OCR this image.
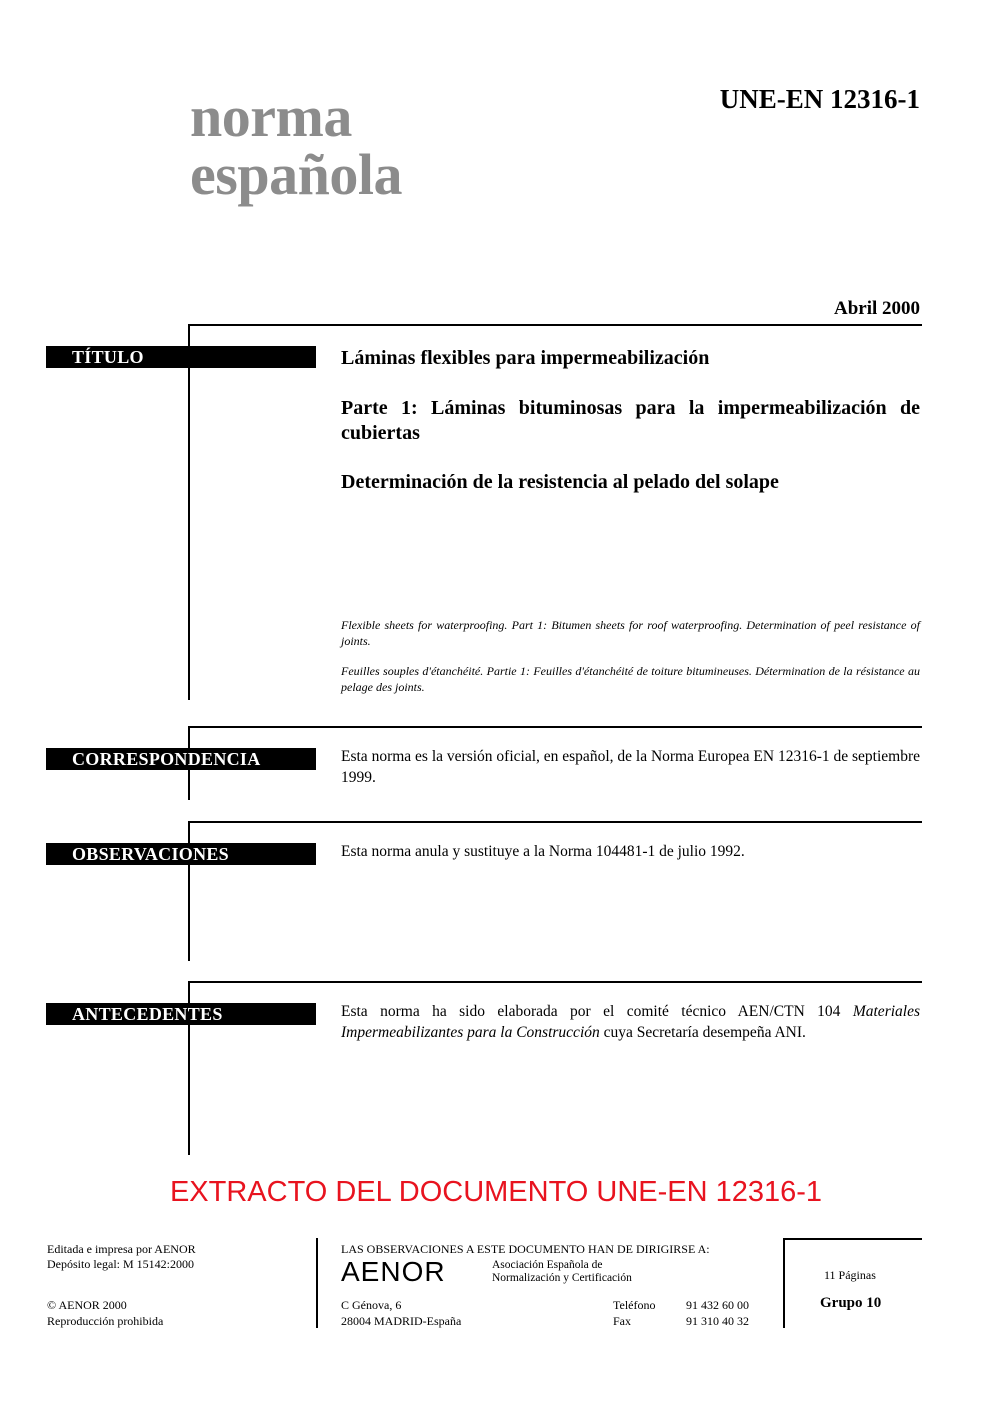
norma
española
UNE-EN 12316-1
Abril 2000
TÍTULO	Láminas flexibles para impermeabilización
Parte 1: Láminas bituminosas para la impermeabilización de cubiertas
Determinación de la resistencia al pelado del solape
Flexible sheets for waterproofing. Part 1: Bitumen sheets for roof waterproofing. Determination of peel resistance of joints.
Feuilles souples d'étanchéité. Partie 1: Feuilles d'étanchéité de toiture bitumineuses. Détermination de la résistance au pelage des joints.
CORRESPONDENCIA	Esta norma es la versión oficial, en español, de la Norma Europea EN 12316-1 de septiembre 1999.
OBSERVACIONES	Esta norma anula y sustituye a la Norma 104481-1 de julio 1992.
ANTECEDENTES	Esta norma ha sido elaborada por el comité técnico AEN/CTN 104 Materiales Impermeabilizantes para la Construcción cuya Secretaría desempeña ANI.
EXTRACTO DEL DOCUMENTO UNE-EN 12316-1
Editada e impresa por AENOR
Depósito legal: M 15142:2000
© AENOR 2000
Reproducción prohibida
LAS OBSERVACIONES A ESTE DOCUMENTO HAN DE DIRIGIRSE A:
AENOR	Asociación Española de
Normalización y Certificación
C Génova, 6
28004 MADRID-España
Teléfono	91 432 60 00
Fax	91 310 40 32
11 Páginas
Grupo 10
